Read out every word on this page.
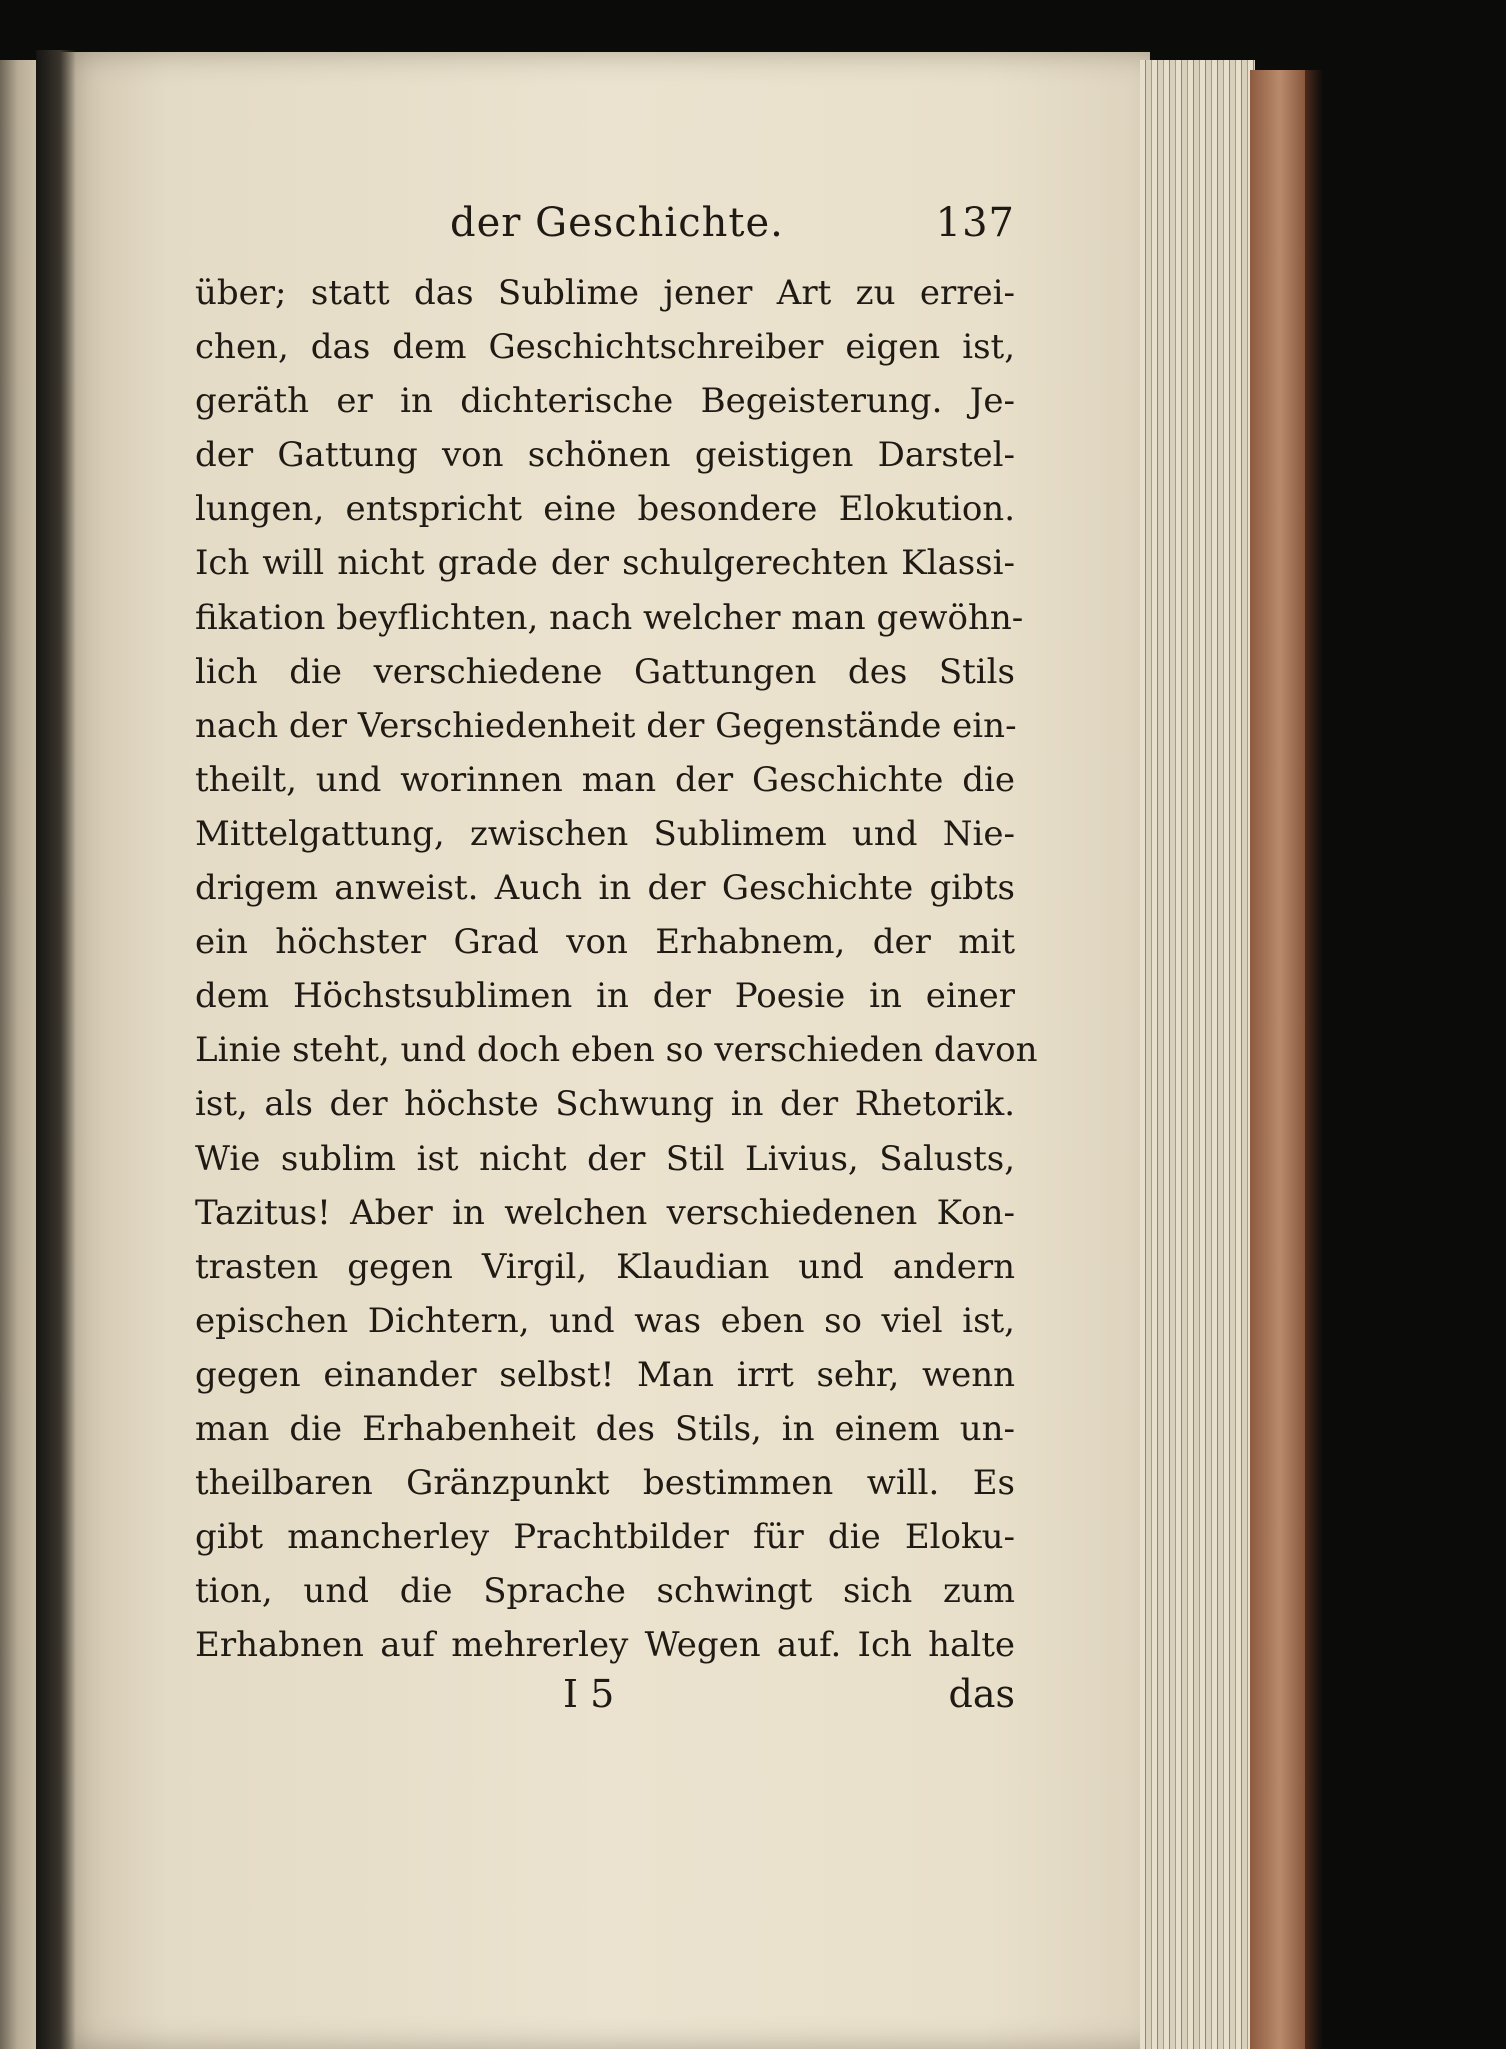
der Geschichte.	137
über; statt das Sublime jener Art zu errei-
chen, das dem Geschichtschreiber eigen ist,
geräth er in dichterische Begeisterung. Je-
der Gattung von schönen geistigen Darstel-
lungen, entspricht eine besondere Elokution.
Ich will nicht grade der schulgerechten Klassi-
fikation beyflichten, nach welcher man gewöhn-
lich die verschiedene Gattungen des Stils
nach der Verschiedenheit der Gegenstände ein-
theilt, und worinnen man der Geschichte die
Mittelgattung, zwischen Sublimem und Nie-
drigem anweist. Auch in der Geschichte gibts
ein höchster Grad von Erhabnem, der mit
dem Höchstsublimen in der Poesie in einer
Linie steht, und doch eben so verschieden davon
ist, als der höchste Schwung in der Rhetorik.
Wie sublim ist nicht der Stil Livius, Salusts,
Tazitus! Aber in welchen verschiedenen Kon-
trasten gegen Virgil, Klaudian und andern
epischen Dichtern, und was eben so viel ist,
gegen einander selbst! Man irrt sehr, wenn
man die Erhabenheit des Stils, in einem un-
theilbaren Gränzpunkt bestimmen will. Es
gibt mancherley Prachtbilder für die Eloku-
tion, und die Sprache schwingt sich zum
Erhabnen auf mehrerley Wegen auf. Ich halte
I 5	das
